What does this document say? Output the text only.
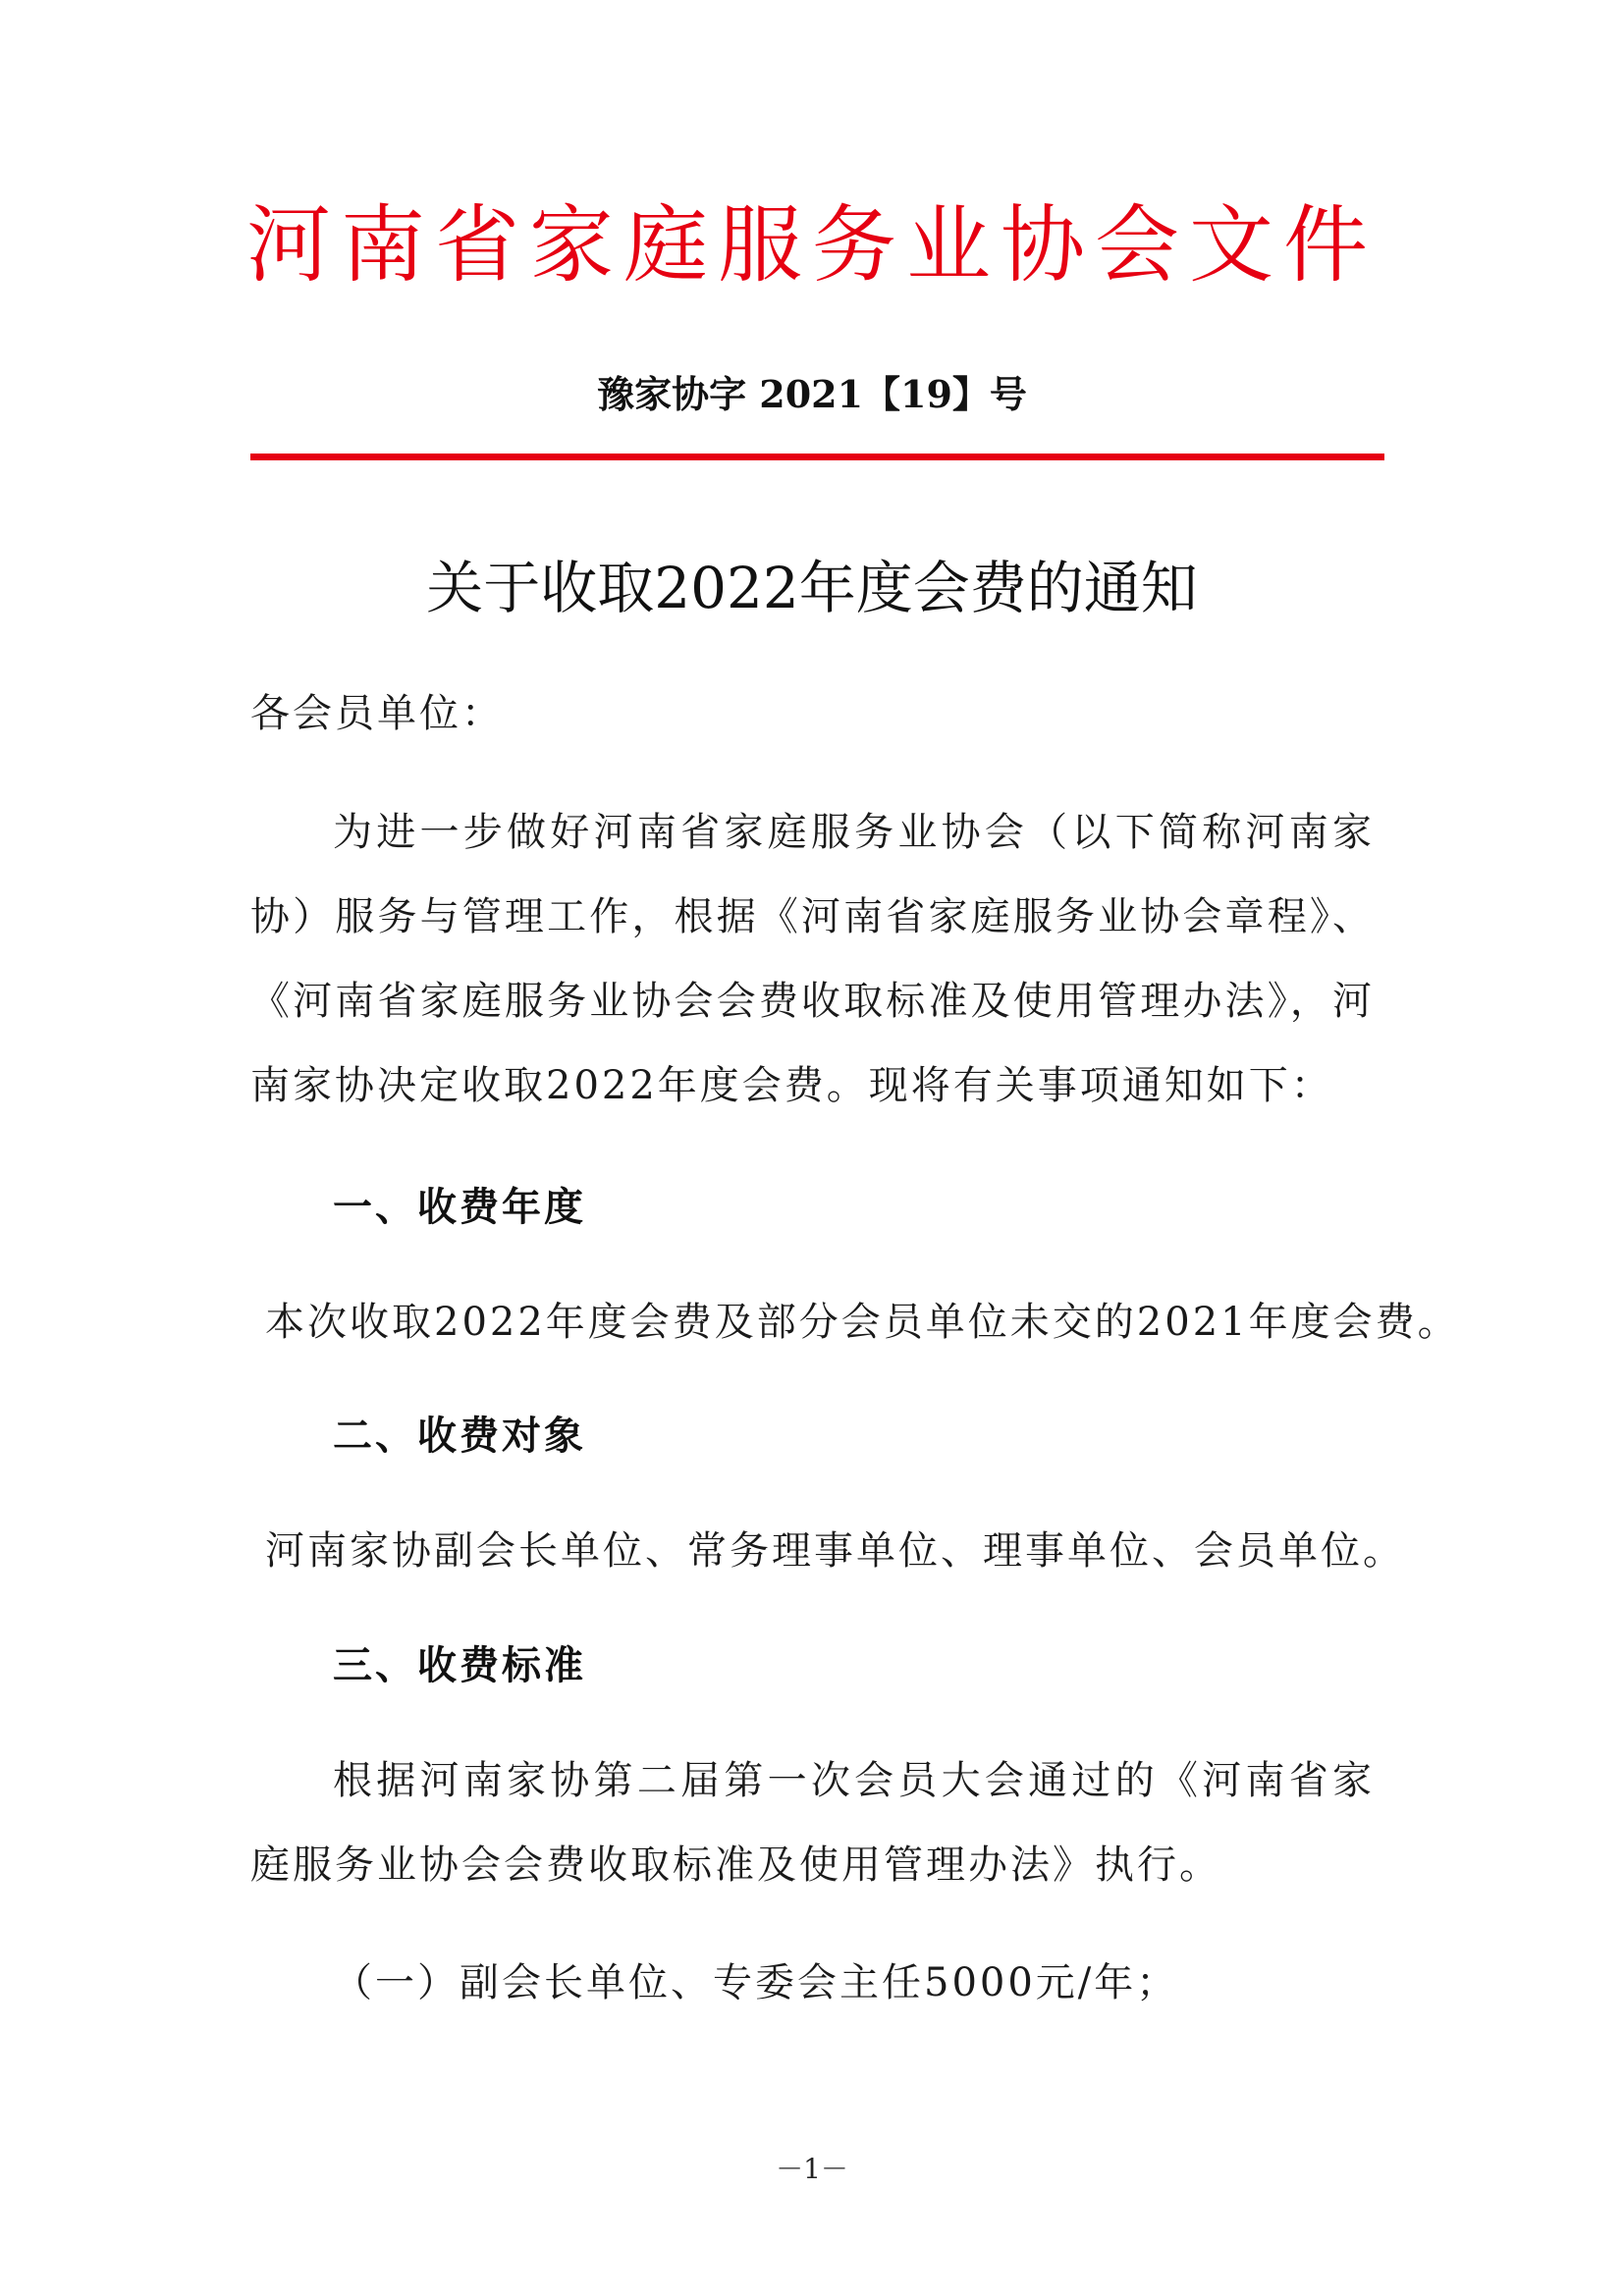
河南省家庭服务业协会文件
豫家协字 2021【19】号
关于收取2022年度会费的通知
各会员单位：
为进一步做好河南省家庭服务业协会（以下简称河南家协）服务与管理工作，根据《河南省家庭服务业协会章程》、《河南省家庭服务业协会会费收取标准及使用管理办法》，河南家协决定收取2022年度会费。现将有关事项通知如下：
一、收费年度
本次收取2022年度会费及部分会员单位未交的2021年度会费。
二、收费对象
河南家协副会长单位、常务理事单位、理事单位、会员单位。
三、收费标准
根据河南家协第二届第一次会员大会通过的《河南省家庭服务业协会会费收取标准及使用管理办法》执行。
（一）副会长单位、专委会主任5000元/年；
－1－
